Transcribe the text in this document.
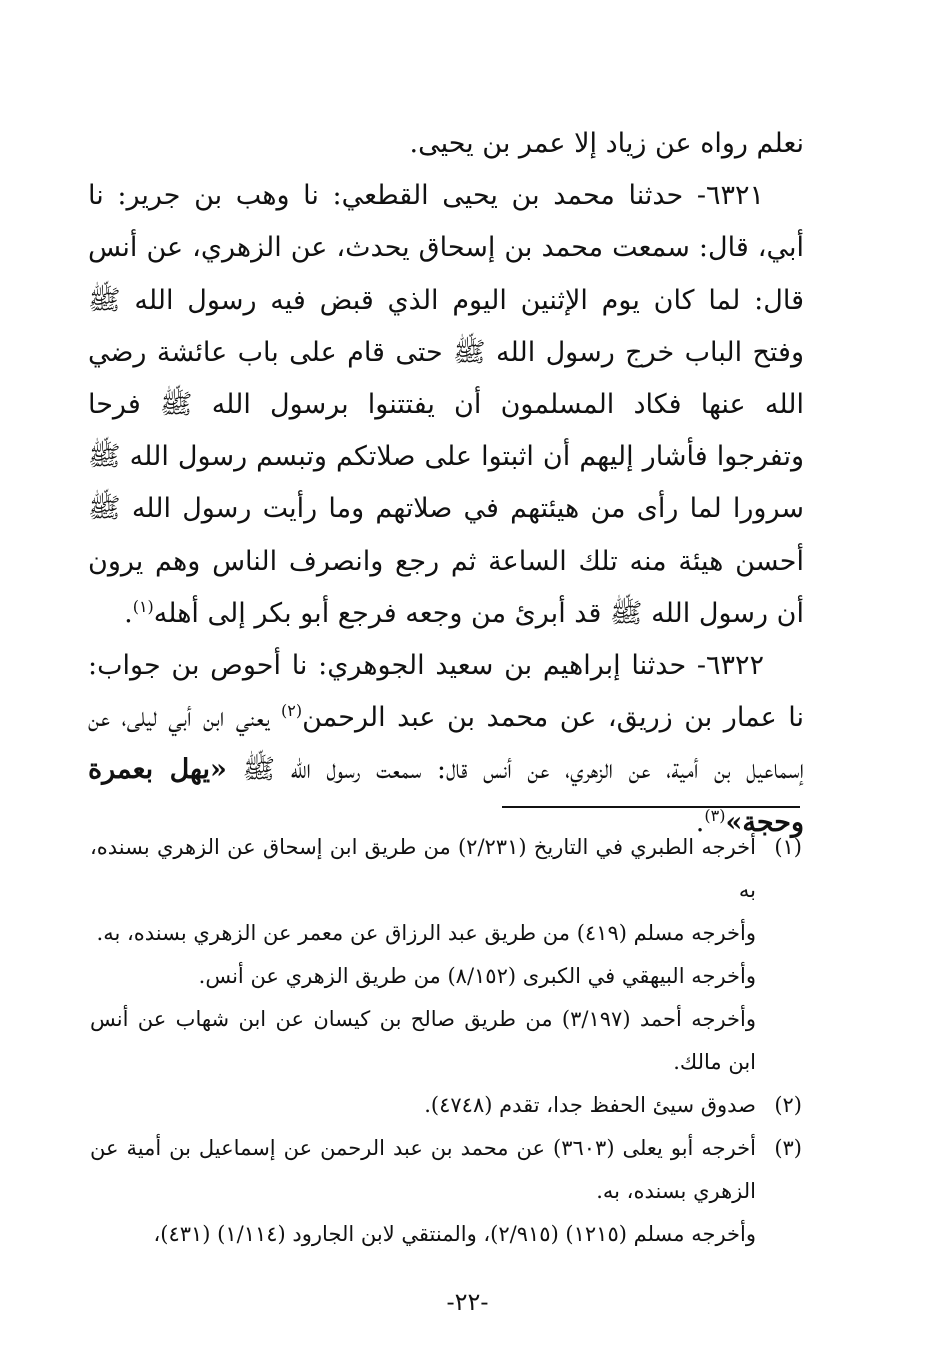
نعلم رواه عن زياد إلا عمر بن يحيى.

٦٣٢١- حدثنا محمد بن يحيى القطعي: نا وهب بن جرير: نا أبي، قال: سمعت محمد بن إسحاق يحدث، عن الزهري، عن أنس قال: لما كان يوم الإثنين اليوم الذي قبض فيه رسول الله ﷺ وفتح الباب خرج رسول الله ﷺ حتى قام على باب عائشة رضي الله عنها فكاد المسلمون أن يفتتنوا برسول الله ﷺ فرحا وتفرجوا فأشار إليهم أن اثبتوا على صلاتكم وتبسم رسول الله ﷺ سرورا لما رأى من هيئتهم في صلاتهم وما رأيت رسول الله ﷺ أحسن هيئة منه تلك الساعة ثم رجع وانصرف الناس وهم يرون أن رسول الله ﷺ قد أبرئ من وجعه فرجع أبو بكر إلى أهله$^{(١)}$.

٦٣٢٢- حدثنا إبراهيم بن سعيد الجوهري: نا أحوص بن جواب: نا عمار بن زريق، عن محمد بن عبد الرحمن$^{(٢)}$ يعني ابن أبي ليلى، عن إسماعيل بن أمية، عن الزهري، عن أنس قال: سمعت رسول الله ﷺ «يهل بعمرة وحجة»$^{(٣)}$.

(١)
أخرجه الطبري في التاريخ (٢/٢٣١) من طريق ابن إسحاق عن الزهري بسنده، به

وأخرجه مسلم (٤١٩) من طريق عبد الرزاق عن معمر عن الزهري بسنده، به.

وأخرجه البيهقي في الكبرى (٨/١٥٢) من طريق الزهري عن أنس.

وأخرجه أحمد (٣/١٩٧) من طريق صالح بن كيسان عن ابن شهاب عن أنس ابن مالك.

(٢)
صدوق سيئ الحفظ جدا، تقدم (٤٧٤٨).
(٣)
أخرجه أبو يعلى (٣٦٠٣) عن محمد بن عبد الرحمن عن إسماعيل بن أمية عن الزهري بسنده، به.

وأخرجه مسلم (١٢١٥) (٢/٩١٥)، والمنتقي لابن الجارود (١/١١٤) (٤٣١)،

-٢٢-
